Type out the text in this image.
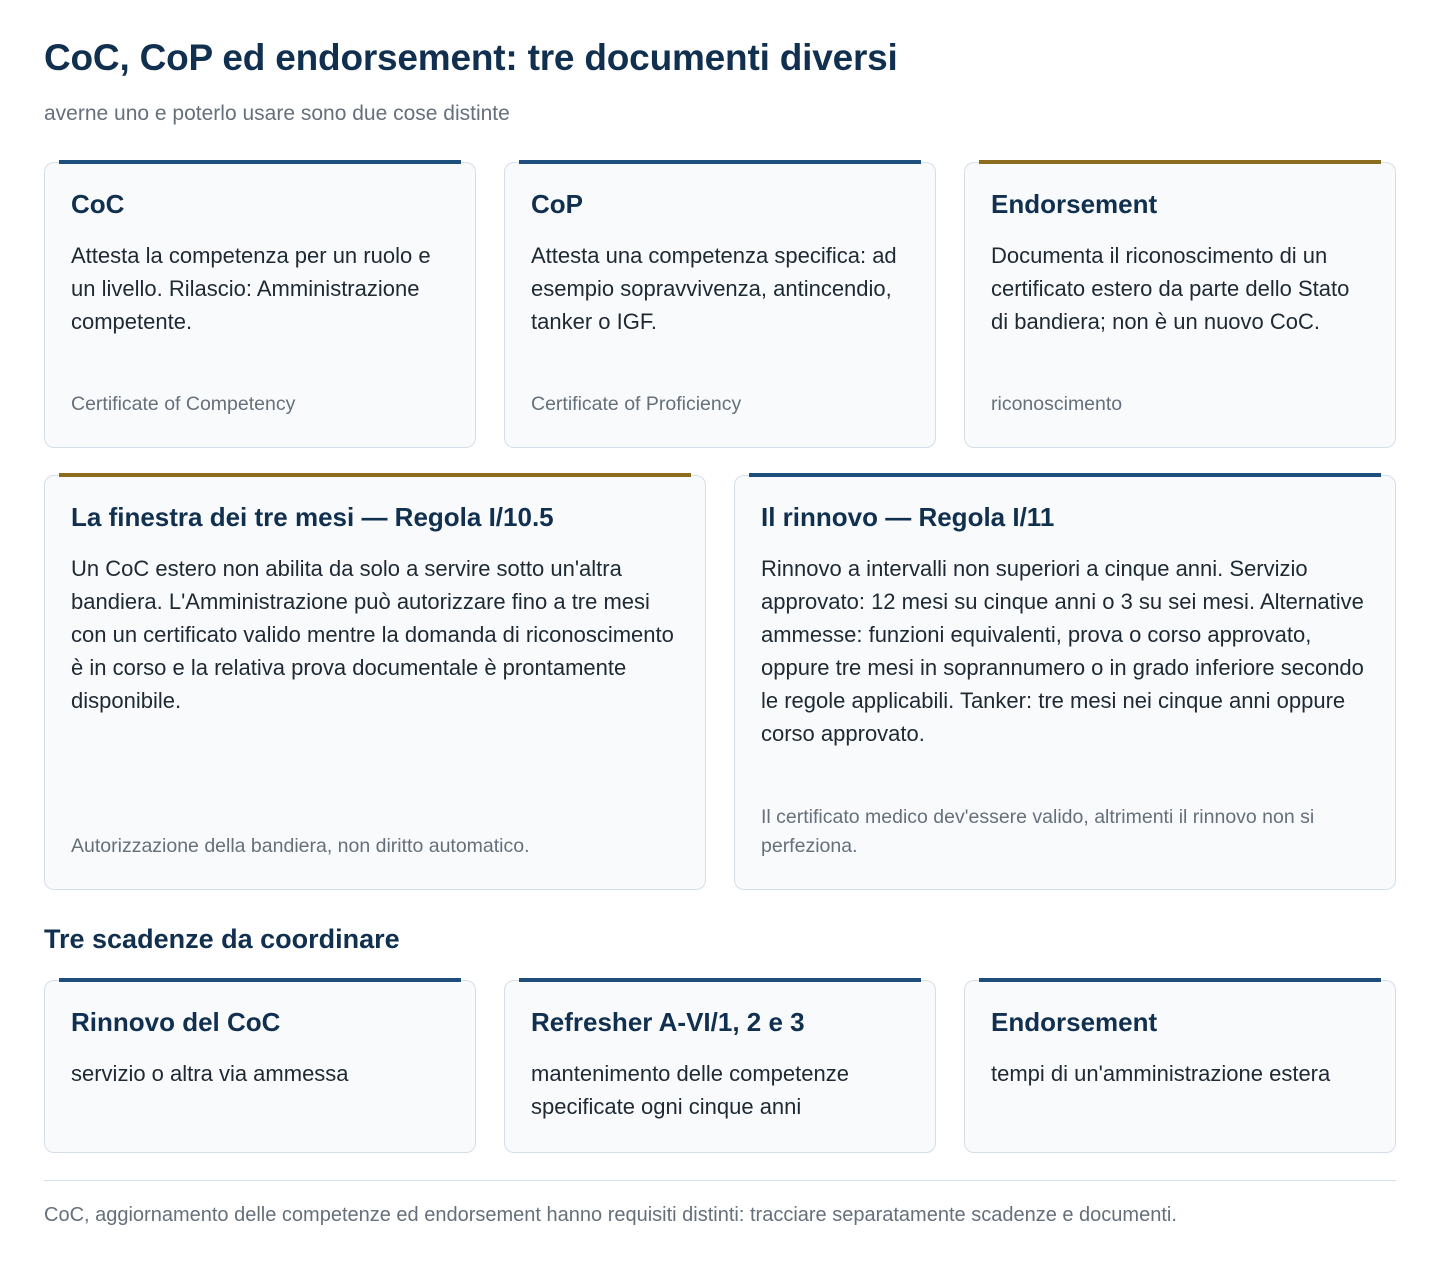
CoC, CoP ed endorsement: tre documenti diversi

averne uno e poterlo usare sono due cose distinte

CoC

Attesta la competenza per un ruolo e un livello. Rilascio: Amministrazione competente.

Certificate of Competency

CoP

Attesta una competenza specifica: ad esempio sopravvivenza, antincendio, tanker o IGF.

Certificate of Proficiency

Endorsement

Documenta il riconoscimento di un certificato estero da parte dello Stato di bandiera; non è un nuovo CoC.

riconoscimento

La finestra dei tre mesi — Regola I/10.5

Un CoC estero non abilita da solo a servire sotto un'altra bandiera. L'Amministrazione può autorizzare fino a tre mesi con un certificato valido mentre la domanda di riconoscimento è in corso e la relativa prova documentale è prontamente disponibile.

Autorizzazione della bandiera, non diritto automatico.

Il rinnovo — Regola I/11

Rinnovo a intervalli non superiori a cinque anni. Servizio approvato: 12 mesi su cinque anni o 3 su sei mesi. Alternative ammesse: funzioni equivalenti, prova o corso approvato, oppure tre mesi in soprannumero o in grado inferiore secondo le regole applicabili. Tanker: tre mesi nei cinque anni oppure corso approvato.

Il certificato medico dev'essere valido, altrimenti il rinnovo non si perfeziona.

Tre scadenze da coordinare
Rinnovo del CoC

servizio o altra via ammessa

Refresher A-VI/1, 2 e 3

mantenimento delle competenze specificate ogni cinque anni

Endorsement

tempi di un'amministrazione estera

CoC, aggiornamento delle competenze ed endorsement hanno requisiti distinti: tracciare separatamente scadenze e documenti.
